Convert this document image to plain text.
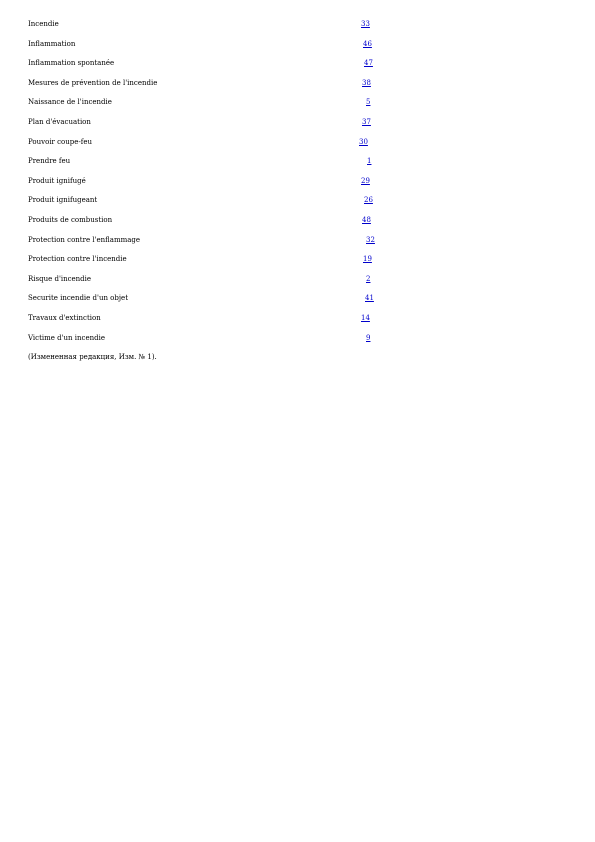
Incendie	33
Inflammation	46
Inflammation spontanée	47
Mesures de prévention de l'incendie	38
Naissance de l'incendie	5
Plan d'évacuation	37
Pouvoir coupe-feu	30
Prendre feu	1
Produit ignifugé	29
Produit ignifugeant	26
Produits de combustion	48
Protection contre l'enflammage	32
Protection contre l'incendie	19
Risque d'incendie	2
Securite incendie d'un objet	41
Travaux d'extinction	14
Victime d'un incendie	9
(Измененная редакция, Изм. № 1).
